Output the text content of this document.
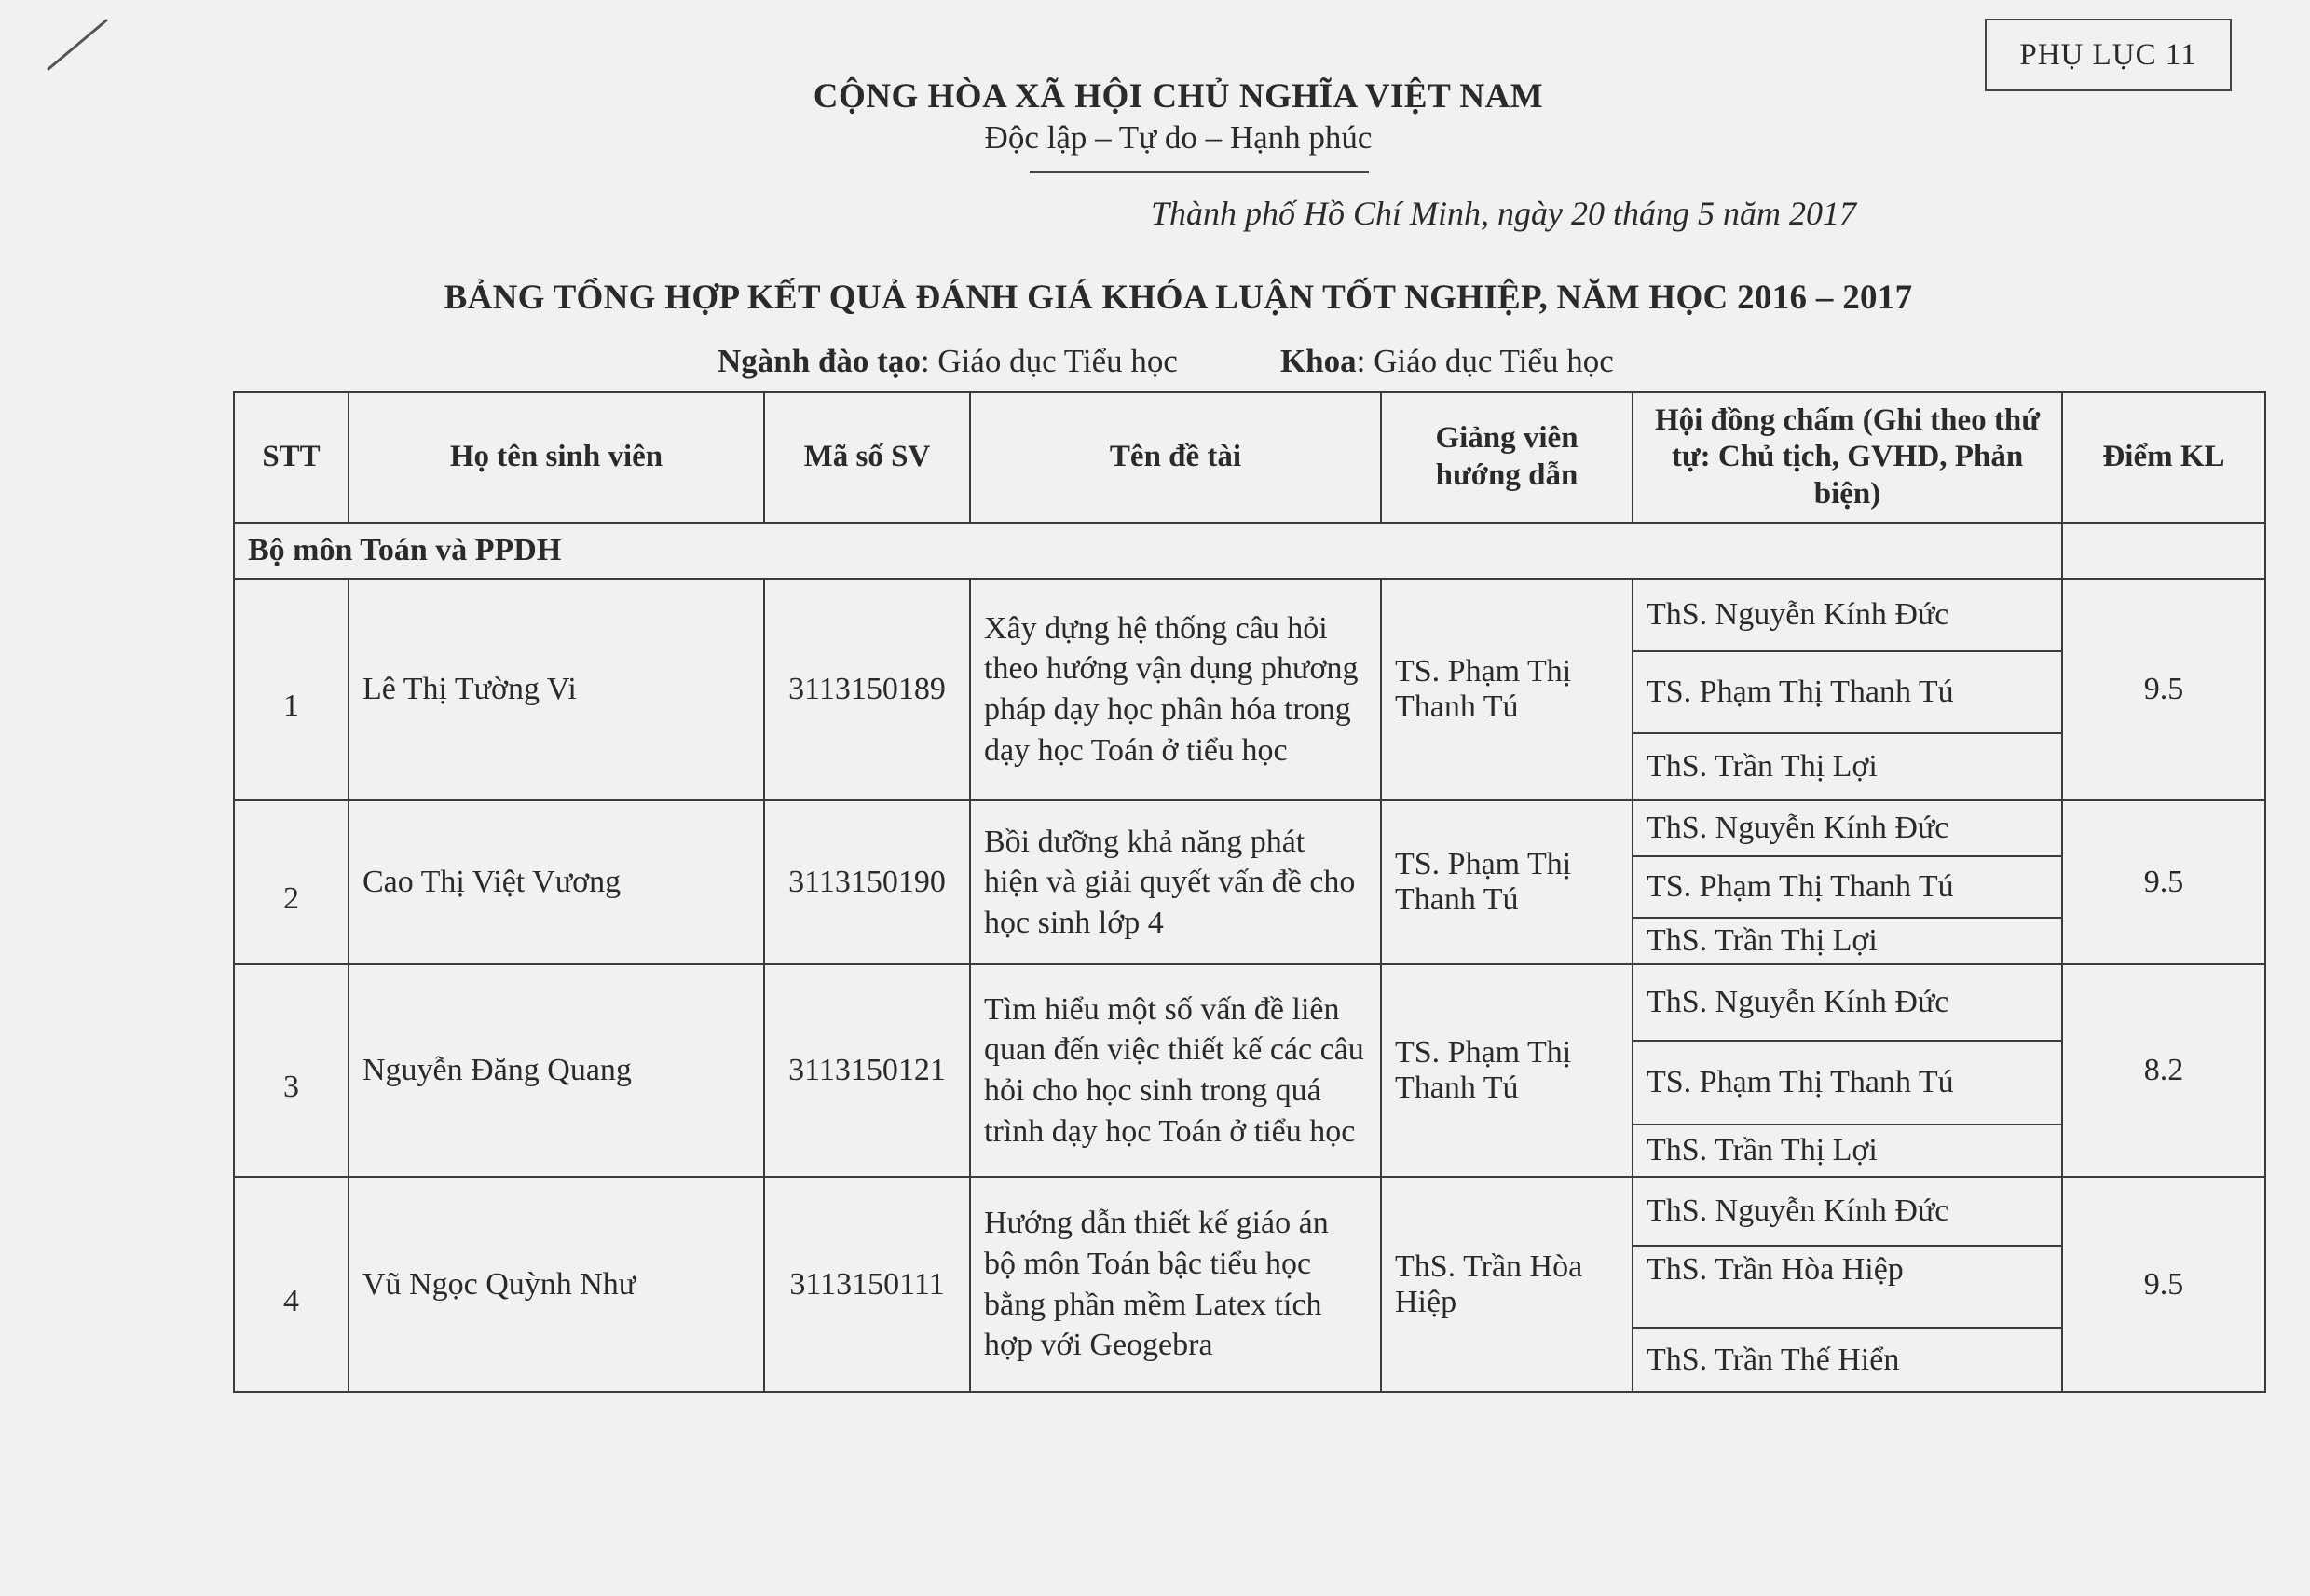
PHỤ LỤC 11
CỘNG HÒA XÃ HỘI CHỦ NGHĨA VIỆT NAM
Độc lập – Tự do – Hạnh phúc
Thành phố Hồ Chí Minh, ngày 20 tháng 5 năm 2017
BẢNG TỔNG HỢP KẾT QUẢ ĐÁNH GIÁ KHÓA LUẬN TỐT NGHIỆP, NĂM HỌC 2016 – 2017
Ngành đào tạo: Giáo dục Tiểu học	Khoa: Giáo dục Tiểu học
STT	Họ tên sinh viên	Mã số SV	Tên đề tài	Giảng viên hướng dẫn	Hội đồng chấm (Ghi theo thứ tự: Chủ tịch, GVHD, Phản biện)	Điểm KL
Bộ môn Toán và PPDH						

1	Lê Thị Tường Vi	3113150189	Xây dựng hệ thống câu hỏi theo hướng vận dụng phương pháp dạy học phân hóa trong dạy học Toán ở tiểu học	TS. Phạm Thị Thanh Tú	ThS. Nguyễn Kính Đức	9.5
					TS. Phạm Thị Thanh Tú	
					ThS. Trần Thị Lợi	

2	Cao Thị Việt Vương	3113150190	Bồi dưỡng khả năng phát hiện và giải quyết vấn đề cho học sinh lớp 4	TS. Phạm Thị Thanh Tú	ThS. Nguyễn Kính Đức	9.5
					TS. Phạm Thị Thanh Tú	
					ThS. Trần Thị Lợi	

3	Nguyễn Đăng Quang	3113150121	Tìm hiểu một số vấn đề liên quan đến việc thiết kế các câu hỏi cho học sinh trong quá trình dạy học Toán ở tiểu học	TS. Phạm Thị Thanh Tú	ThS. Nguyễn Kính Đức	8.2
					TS. Phạm Thị Thanh Tú	
					ThS. Trần Thị Lợi	

4	Vũ Ngọc Quỳnh Như	3113150111	Hướng dẫn thiết kế giáo án bộ môn Toán bậc tiểu học bằng phần mềm Latex tích hợp với Geogebra	ThS. Trần Hòa Hiệp	ThS. Nguyễn Kính Đức	9.5
					ThS. Trần Hòa Hiệp	
					ThS. Trần Thế Hiển	
